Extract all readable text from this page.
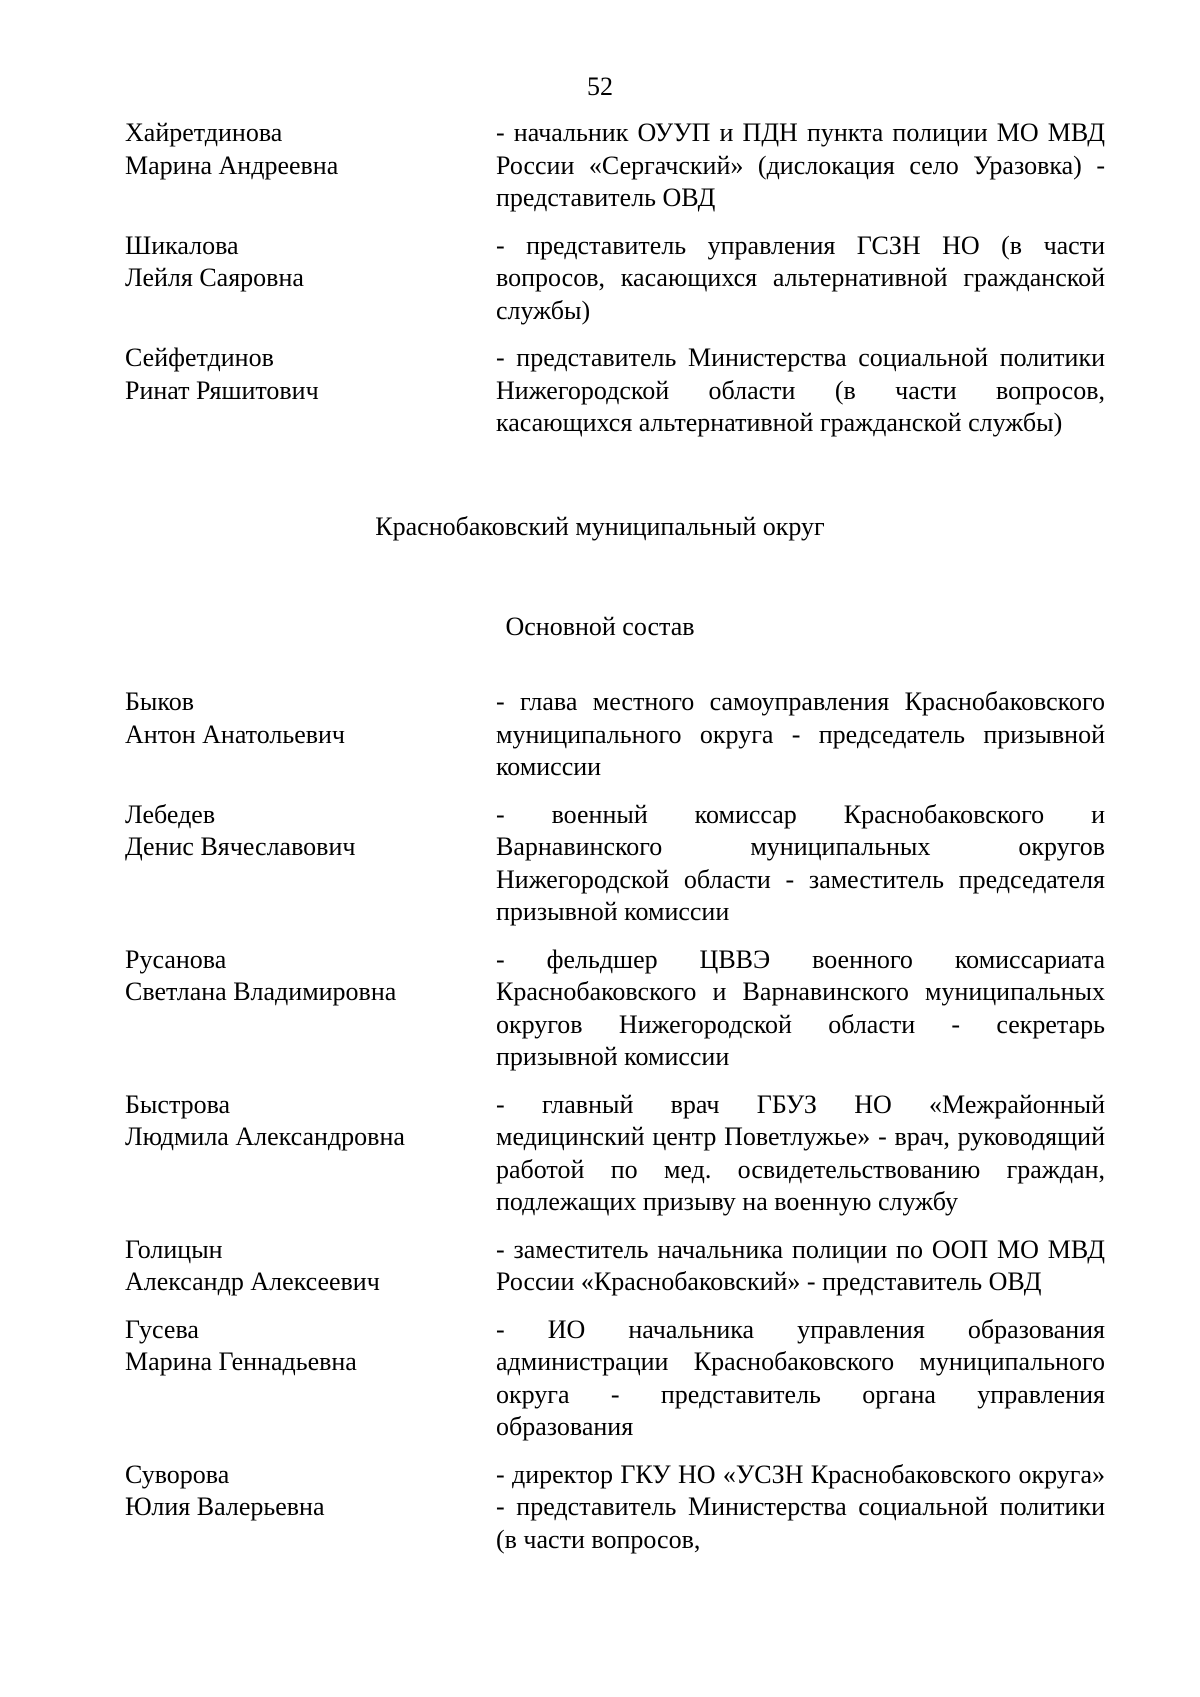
52
Хайретдинова
Марина Андреевна
- начальник ОУУП и ПДН пункта полиции МО МВД России «Сергачский» (дислокация село Уразовка) - представитель ОВД
Шикалова
Лейля Саяровна
- представитель управления ГСЗН НО (в части вопросов, касающихся альтернативной гражданской службы)
Сейфетдинов
Ринат Ряшитович
- представитель Министерства социальной политики Нижегородской области (в части вопросов, касающихся альтернативной гражданской службы)
Краснобаковский муниципальный округ
Основной состав
Быков
Антон Анатольевич
- глава местного самоуправления Краснобаковского муниципального округа - председатель призывной комиссии
Лебедев
Денис Вячеславович
- военный комиссар Краснобаковского и Варнавинского муниципальных округов Нижегородской области - заместитель председателя призывной комиссии
Русанова
Светлана Владимировна
- фельдшер ЦВВЭ военного комиссариата Краснобаковского и Варнавинского муниципальных округов Нижегородской области - секретарь призывной комиссии
Быстрова
Людмила Александровна
- главный врач ГБУЗ НО «Межрайонный медицинский центр Поветлужье» - врач, руководящий работой по мед. освидетельствованию граждан, подлежащих призыву на военную службу
Голицын
Александр Алексеевич
- заместитель начальника полиции по ООП МО МВД России «Краснобаковский» - представитель ОВД
Гусева
Марина Геннадьевна
- ИО начальника управления образования администрации Краснобаковского муниципального округа - представитель органа управления образования
Суворова
Юлия Валерьевна
- директор ГКУ НО «УСЗН Краснобаковского округа» - представитель Министерства социальной политики (в части вопросов,
